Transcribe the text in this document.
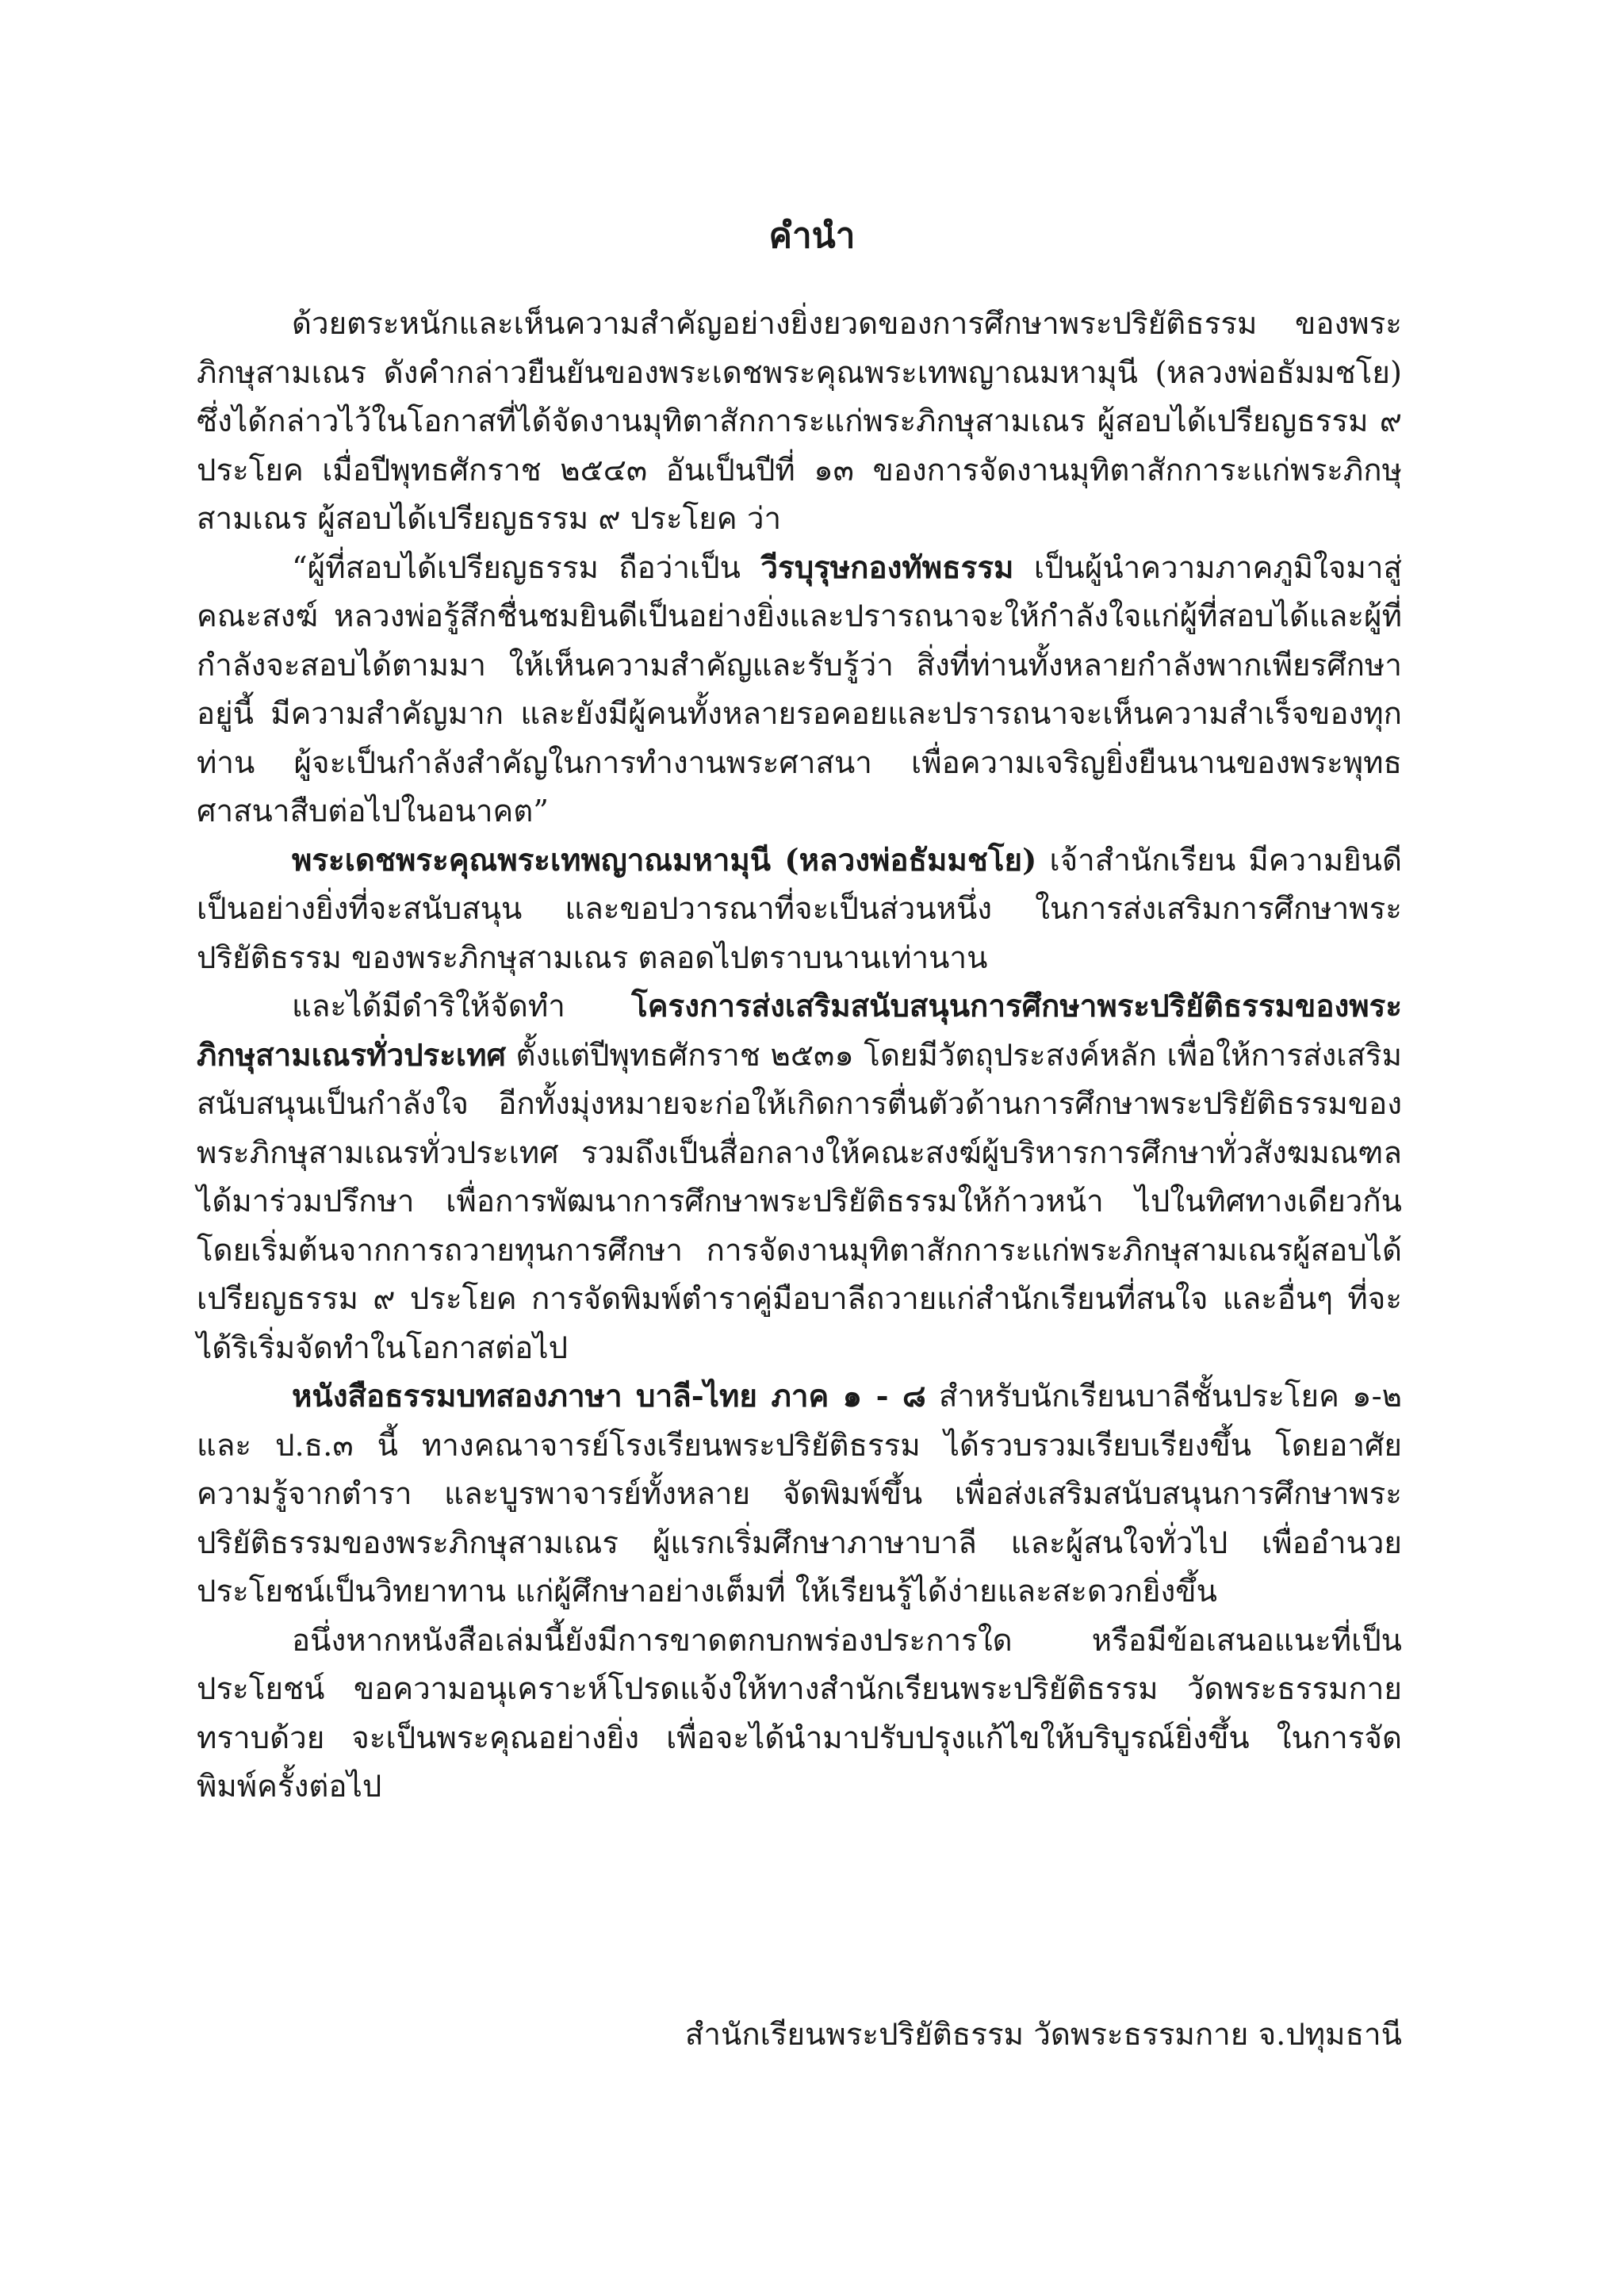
คำนำ

ด้วยตระหนักและเห็นความสำคัญอย่างยิ่งยวดของการศึกษาพระปริยัติธรรม ของพระภิกษุสามเณร ดังคำกล่าวยืนยันของพระเดชพระคุณพระเทพญาณมหามุนี (หลวงพ่อธัมมชโย) ซึ่งได้กล่าวไว้ในโอกาสที่ได้จัดงานมุทิตาสักการะแก่พระภิกษุสามเณร ผู้สอบได้เปรียญธรรม ๙ ประโยค เมื่อปีพุทธศักราช ๒๕๔๓ อันเป็นปีที่ ๑๓ ของการจัดงานมุทิตาสักการะแก่พระภิกษุสามเณร ผู้สอบได้เปรียญธรรม ๙ ประโยค ว่า

“ผู้ที่สอบได้เปรียญธรรม ถือว่าเป็น วีรบุรุษกองทัพธรรม เป็นผู้นำความภาคภูมิใจมาสู่คณะสงฆ์ หลวงพ่อรู้สึกชื่นชมยินดีเป็นอย่างยิ่งและปรารถนาจะให้กำลังใจแก่ผู้ที่สอบได้และผู้ที่กำลังจะสอบได้ตามมา ให้เห็นความสำคัญและรับรู้ว่า สิ่งที่ท่านทั้งหลายกำลังพากเพียรศึกษาอยู่นี้ มีความสำคัญมาก และยังมีผู้คนทั้งหลายรอคอยและปรารถนาจะเห็นความสำเร็จของทุกท่าน ผู้จะเป็นกำลังสำคัญในการทำงานพระศาสนา เพื่อความเจริญยิ่งยืนนานของพระพุทธศาสนาสืบต่อไปในอนาคต”

พระเดชพระคุณพระเทพญาณมหามุนี (หลวงพ่อธัมมชโย) เจ้าสำนักเรียน มีความยินดีเป็นอย่างยิ่งที่จะสนับสนุน และขอปวารณาที่จะเป็นส่วนหนึ่ง ในการส่งเสริมการศึกษาพระปริยัติธรรม ของพระภิกษุสามเณร ตลอดไปตราบนานเท่านาน

และได้มีดำริให้จัดทำ โครงการส่งเสริมสนับสนุนการศึกษาพระปริยัติธรรมของพระภิกษุสามเณรทั่วประเทศ ตั้งแต่ปีพุทธศักราช ๒๕๓๑ โดยมีวัตถุประสงค์หลัก เพื่อให้การส่งเสริมสนับสนุนเป็นกำลังใจ อีกทั้งมุ่งหมายจะก่อให้เกิดการตื่นตัวด้านการศึกษาพระปริยัติธรรมของพระภิกษุสามเณรทั่วประเทศ รวมถึงเป็นสื่อกลางให้คณะสงฆ์ผู้บริหารการศึกษาทั่วสังฆมณฑลได้มาร่วมปรึกษา เพื่อการพัฒนาการศึกษาพระปริยัติธรรมให้ก้าวหน้า ไปในทิศทางเดียวกัน โดยเริ่มต้นจากการถวายทุนการศึกษา การจัดงานมุทิตาสักการะแก่พระภิกษุสามเณรผู้สอบได้เปรียญธรรม ๙ ประโยค การจัดพิมพ์ตำราคู่มือบาลีถวายแก่สำนักเรียนที่สนใจ และอื่นๆ ที่จะได้ริเริ่มจัดทำในโอกาสต่อไป

หนังสือธรรมบทสองภาษา บาลี-ไทย ภาค ๑ - ๘ สำหรับนักเรียนบาลีชั้นประโยค ๑-๒ และ ป.ธ.๓ นี้ ทางคณาจารย์โรงเรียนพระปริยัติธรรม ได้รวบรวมเรียบเรียงขึ้น โดยอาศัยความรู้จากตำรา และบูรพาจารย์ทั้งหลาย จัดพิมพ์ขึ้น เพื่อส่งเสริมสนับสนุนการศึกษาพระปริยัติธรรมของพระภิกษุสามเณร ผู้แรกเริ่มศึกษาภาษาบาลี และผู้สนใจทั่วไป เพื่ออำนวยประโยชน์เป็นวิทยาทาน แก่ผู้ศึกษาอย่างเต็มที่ ให้เรียนรู้ได้ง่ายและสะดวกยิ่งขึ้น

อนึ่งหากหนังสือเล่มนี้ยังมีการขาดตกบกพร่องประการใด หรือมีข้อเสนอแนะที่เป็นประโยชน์ ขอความอนุเคราะห์โปรดแจ้งให้ทางสำนักเรียนพระปริยัติธรรม วัดพระธรรมกาย ทราบด้วย จะเป็นพระคุณอย่างยิ่ง เพื่อจะได้นำมาปรับปรุงแก้ไขให้บริบูรณ์ยิ่งขึ้น ในการจัดพิมพ์ครั้งต่อไป

สำนักเรียนพระปริยัติธรรม วัดพระธรรมกาย จ.ปทุมธานี
